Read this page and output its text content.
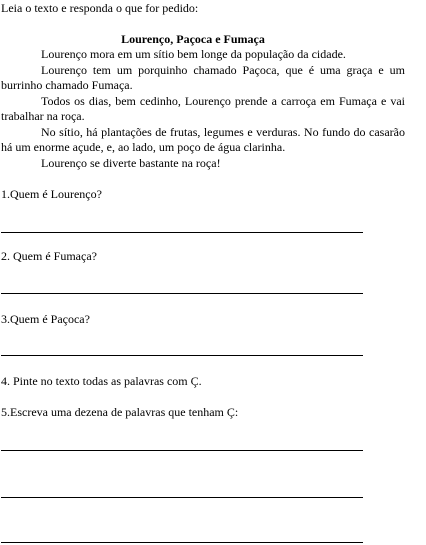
Leia o texto e responda o que for pedido:
Lourenço, Paçoca e Fumaça

Lourenço mora em um sítio bem longe da população da cidade.

Lourenço tem um porquinho chamado Paçoca, que é uma graça e um burrinho chamado Fumaça.

Todos os dias, bem cedinho, Lourenço prende a carroça em Fumaça e vai trabalhar na roça.

No sítio, há plantações de frutas, legumes e verduras. No fundo do casarão há um enorme açude, e, ao lado, um poço de água clarinha.

Lourenço se diverte bastante na roça!

1.Quem é Lourenço?
2. Quem é Fumaça?
3.Quem é Paçoca?
4. Pinte no texto todas as palavras com Ç.
5.Escreva uma dezena de palavras que tenham Ç:
